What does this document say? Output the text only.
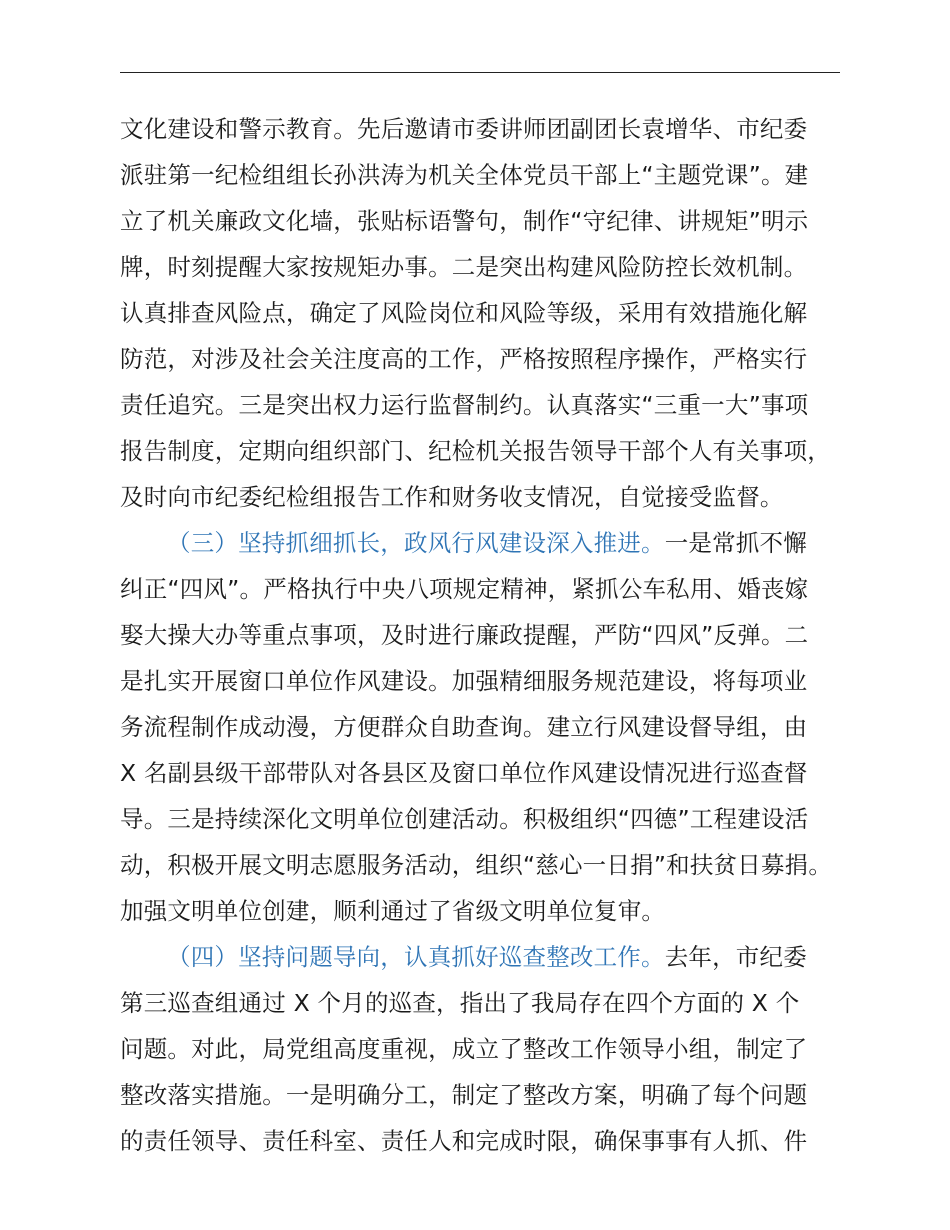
文化建设和警示教育。先后邀请市委讲师团副团长袁增华、市纪委
派驻第一纪检组组长孙洪涛为机关全体党员干部上“主题党课”。建
立了机关廉政文化墙，张贴标语警句，制作“守纪律、讲规矩”明示
牌，时刻提醒大家按规矩办事。二是突出构建风险防控长效机制。
认真排查风险点，确定了风险岗位和风险等级，采用有效措施化解
防范，对涉及社会关注度高的工作，严格按照程序操作，严格实行
责任追究。三是突出权力运行监督制约。认真落实“三重一大”事项
报告制度，定期向组织部门、纪检机关报告领导干部个人有关事项，
及时向市纪委纪检组报告工作和财务收支情况，自觉接受监督。
（三）坚持抓细抓长，政风行风建设深入推进。一是常抓不懈
纠正“四风”。严格执行中央八项规定精神，紧抓公车私用、婚丧嫁
娶大操大办等重点事项，及时进行廉政提醒，严防“四风”反弹。二
是扎实开展窗口单位作风建设。加强精细服务规范建设，将每项业
务流程制作成动漫，方便群众自助查询。建立行风建设督导组，由
X 名副县级干部带队对各县区及窗口单位作风建设情况进行巡查督
导。三是持续深化文明单位创建活动。积极组织“四德”工程建设活
动，积极开展文明志愿服务活动，组织“慈心一日捐”和扶贫日募捐。
加强文明单位创建，顺利通过了省级文明单位复审。
（四）坚持问题导向，认真抓好巡查整改工作。去年，市纪委
第三巡查组通过 X 个月的巡查，指出了我局存在四个方面的 X 个
问题。对此，局党组高度重视，成立了整改工作领导小组，制定了
整改落实措施。一是明确分工，制定了整改方案，明确了每个问题
的责任领导、责任科室、责任人和完成时限，确保事事有人抓、件
